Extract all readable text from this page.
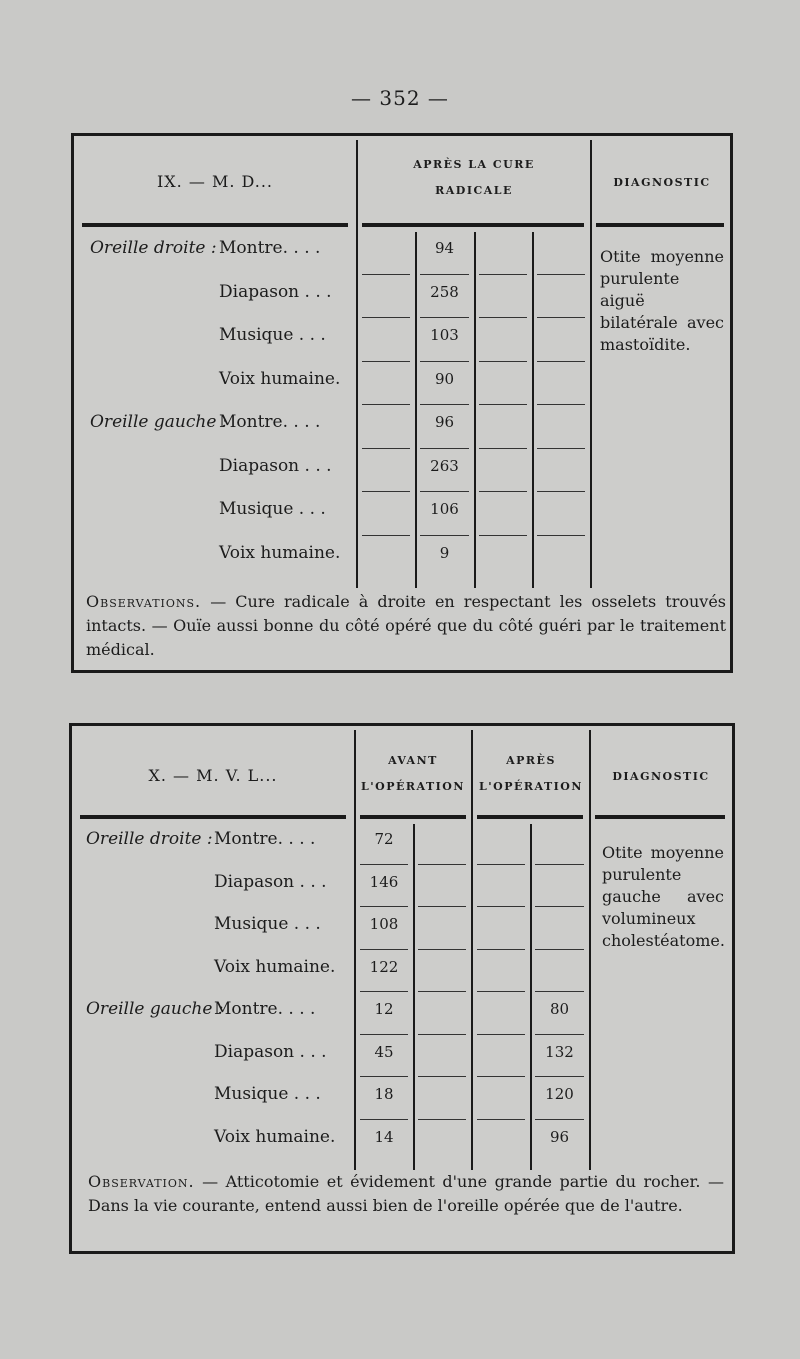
— 352 —
IX. — M. D...
APRÈS LA CURE
RADICALE
DIAGNOSTIC
Oreille droite : Montre. . . .	94
Diapason . . .	258
Musique . . .	103
Voix humaine.	90
Oreille gauche :
Montre. . . .	96
Diapason . . .	263
Musique . . .	106
Voix humaine.	9
Otite moyenne purulente aiguë bilatérale avec mastoïdite.
Observations. — Cure radicale à droite en respectant les osselets trouvés intacts. — Ouïe aussi bonne du côté opéré que du côté guéri par le traitement médical.
X. — M. V. L...
AVANT
L'OPÉRATION
APRÈS
L'OPÉRATION
DIAGNOSTIC
Oreille droite : Montre. . . .	72
Diapason . . .	146
Musique . . .	108
Voix humaine.	122
Oreille gauche :
Montre. . . .	12	80
Diapason . . .	45	132
Musique . . .	18	120
Voix humaine.	14	96
Otite moyenne purulente gauche avec volumineux cholestéatome.
Observation. — Atticotomie et évidement d'une grande partie du rocher. — Dans la vie courante, entend aussi bien de l'oreille opérée que de l'autre.
